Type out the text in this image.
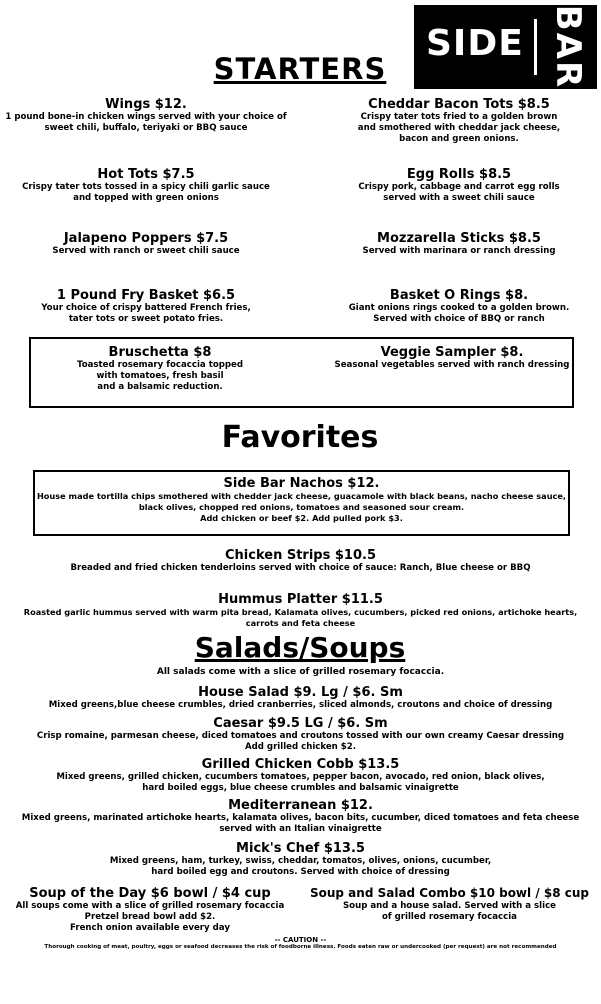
SIDE BAR
STARTERS
Wings $12.
1 pound bone-in chicken wings served with your choice of
sweet chili, buffalo, teriyaki or BBQ sauce
Hot Tots $7.5
Crispy tater tots tossed in a spicy chili garlic sauce
and topped with green onions
Jalapeno Poppers $7.5
Served with ranch or sweet chili sauce
1 Pound Fry Basket $6.5
Your choice of crispy battered French fries,
tater tots or sweet potato fries.
Cheddar Bacon Tots $8.5
Crispy tater tots fried to a golden brown
and smothered with cheddar jack cheese,
bacon and green onions.
Egg Rolls $8.5
Crispy pork, cabbage and carrot egg rolls
served with a sweet chili sauce
Mozzarella Sticks $8.5
Served with marinara or ranch dressing
Basket O Rings $8.
Giant onions rings cooked to a golden brown.
Served with choice of BBQ or ranch
Bruschetta $8
Toasted rosemary focaccia topped
with tomatoes, fresh basil
and a balsamic reduction.
Veggie Sampler $8.
Seasonal vegetables served with ranch dressing
Favorites
Side Bar Nachos $12.
House made tortilla chips smothered with chedder jack cheese, guacamole with black beans, nacho cheese sauce,
black olives, chopped red onions, tomatoes and seasoned sour cream.
Add chicken or beef $2. Add pulled pork $3.
Chicken Strips $10.5
Breaded and fried chicken tenderloins served with choice of sauce: Ranch, Blue cheese or BBQ
Hummus Platter $11.5
Roasted garlic hummus served with warm pita bread, Kalamata olives, cucumbers, picked red onions, artichoke hearts,
carrots and feta cheese
Salads/Soups
All salads come with a slice of grilled rosemary focaccia.
House Salad $9. Lg / $6. Sm
Mixed greens,blue cheese crumbles, dried cranberries, sliced almonds, croutons and choice of dressing
Caesar $9.5 LG / $6. Sm
Crisp romaine, parmesan cheese, diced tomatoes and croutons tossed with our own creamy Caesar dressing
Add grilled chicken $2.
Grilled Chicken Cobb $13.5
Mixed greens, grilled chicken, cucumbers tomatoes, pepper bacon, avocado, red onion, black olives,
hard boiled eggs, blue cheese crumbles and balsamic vinaigrette
Mediterranean $12.
Mixed greens, marinated artichoke hearts, kalamata olives, bacon bits, cucumber, diced tomatoes and feta cheese
served with an Italian vinaigrette
Mick's Chef $13.5
Mixed greens, ham, turkey, swiss, cheddar, tomatos, olives, onions, cucumber,
hard boiled egg and croutons. Served with choice of dressing
Soup of the Day $6 bowl / $4 cup
All soups come with a slice of grilled rosemary focaccia
Pretzel bread bowl add $2.
French onion available every day
Soup and Salad Combo $10 bowl / $8 cup
Soup and a house salad. Served with a slice
of grilled rosemary focaccia
-- CAUTION --
Thorough cooking of meat, poultry, eggs or seafood decreases the risk of foodborne illness. Foods eaten raw or undercooked (per request) are not recommended
